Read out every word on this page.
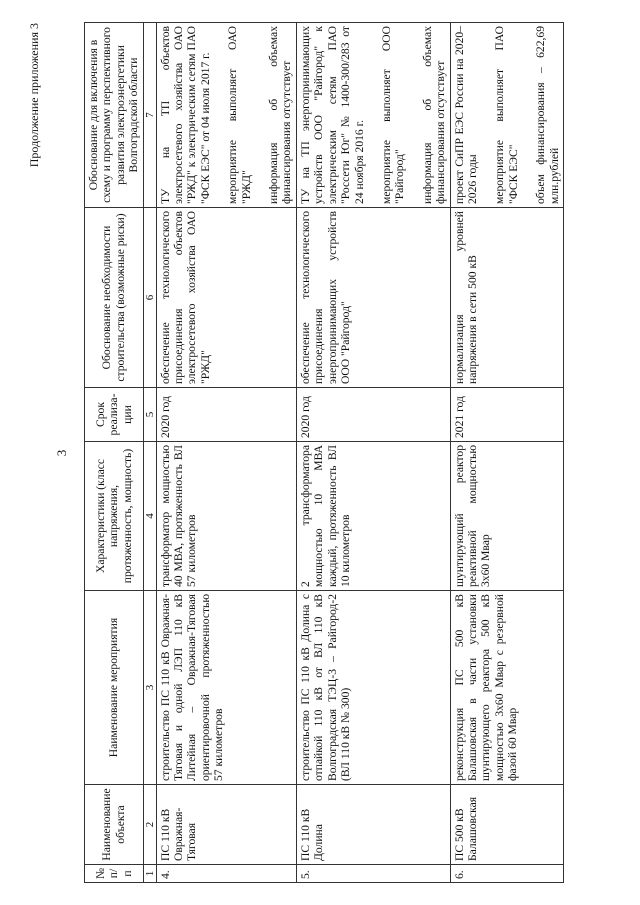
3
Продолжение приложения 3
№ п/п	Наименование объекта	Наименование мероприятия	Характеристики (класс напряжения, протяженность, мощность)	Срок реализа-ции	Обоснование необходимости строительства (возможные риски)	Обоснование для включения в схему и программу перспективного развития электроэнергетики Волгоградской области
1	2	3	4	5	6	7
4.	ПС 110 кВ Овражная-Тяговая	строительство ПС 110 кВ Овражная-Тяговая и одной ЛЭП 110 кВ Литейная – Овражная-Тяговая ориентировочной протяженностью 57 километров	трансформатор мощностью 40 МВА, протяженность ВЛ 57 километров	2020 год	обеспечение технологического присоединения объектов электросетевого хозяйства ОАО "РЖД"	ТУ на ТП объектов электросетевого хозяйства ОАО "РЖД" к электрическим сетям ПАО "ФСК ЕЭС" от 04 июля 2017 г. мероприятие выполняет ОАО "РЖД" информация об объемах финансирования отсутствует

5.	ПС 110 кВ Долина	строительство ПС 110 кВ Долина с отпайкой 110 кВ от ВЛ 110 кВ Волгоградская ТЭЦ-3 – Райгород-2 (ВЛ 110 кВ № 300)	2 трансформатора мощностью 10 МВА каждый, протяженность ВЛ 10 километров	2020 год	обеспечение технологического присоединения энергопринимающих устройств ООО "Райгород"	ТУ на ТП энергопринимающих устройств ООО "Райгород" к электрическим сетям ПАО "Россети Юг" № 1400-300/283 от 24 ноября 2016 г. мероприятие выполняет ООО "Райгород" информация об объемах финансирования отсутствует

6.	ПС 500 кВ Балашовская	реконструкция ПС 500 кВ Балашовская в части установки шунтирующего реактора 500 кВ мощностью 3х60 Мвар с резервной фазой 60 Мвар	шунтирующий реактор реактивной мощностью 3х60 Мвар	2021 год	нормализация уровней напряжения в сети 500 кВ	проект СиПР ЕЭС России на 2020–2026 годы мероприятие выполняет ПАО "ФСК ЕЭС" объем финансирования – 622,69 млн.рублей
